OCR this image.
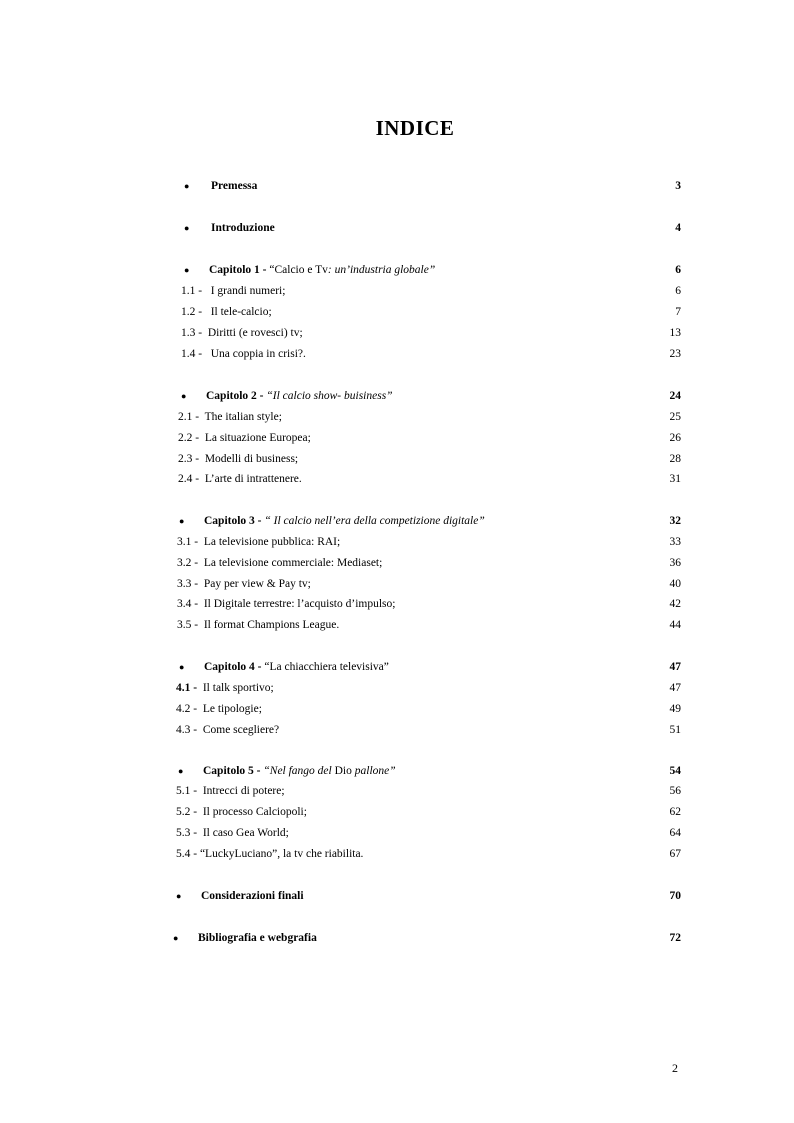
INDICE
● Premessa	3
● Introduzione	4
● Capitolo 1 - “Calcio e Tv: un’industria globale”	6
1.1 -   I grandi numeri;	6
1.2 -   Il tele-calcio;	7
1.3 -  Diritti (e rovesci) tv;	13
1.4 -   Una coppia in crisi?.	23
● Capitolo 2 - “Il calcio show- buisiness”	24
2.1 -  The italian style;	25
2.2 -  La situazione Europea;	26
2.3 -  Modelli di business;	28
2.4 -  L’arte di intrattenere.	31
● Capitolo 3 - “ Il calcio nell’era della competizione digitale”	32
3.1 -  La televisione pubblica: RAI;	33
3.2 -  La televisione commerciale: Mediaset;	36
3.3 -  Pay per view & Pay tv;	40
3.4 -  Il Digitale terrestre: l’acquisto d’impulso;	42
3.5 -  Il format Champions League.	44
● Capitolo 4 - “La chiacchiera televisiva”	47
4.1 -  Il talk sportivo;	47
4.2 -  Le tipologie;	49
4.3 -  Come scegliere?	51
● Capitolo 5 - “Nel fango del Dio pallone”	54
5.1 -  Intrecci di potere;	56
5.2 -  Il processo Calciopoli;	62
5.3 -  Il caso Gea World;	64
5.4 - “LuckyLuciano”, la tv che riabilita.	67
● Considerazioni finali	70
● Bibliografia e webgrafia	72
2
